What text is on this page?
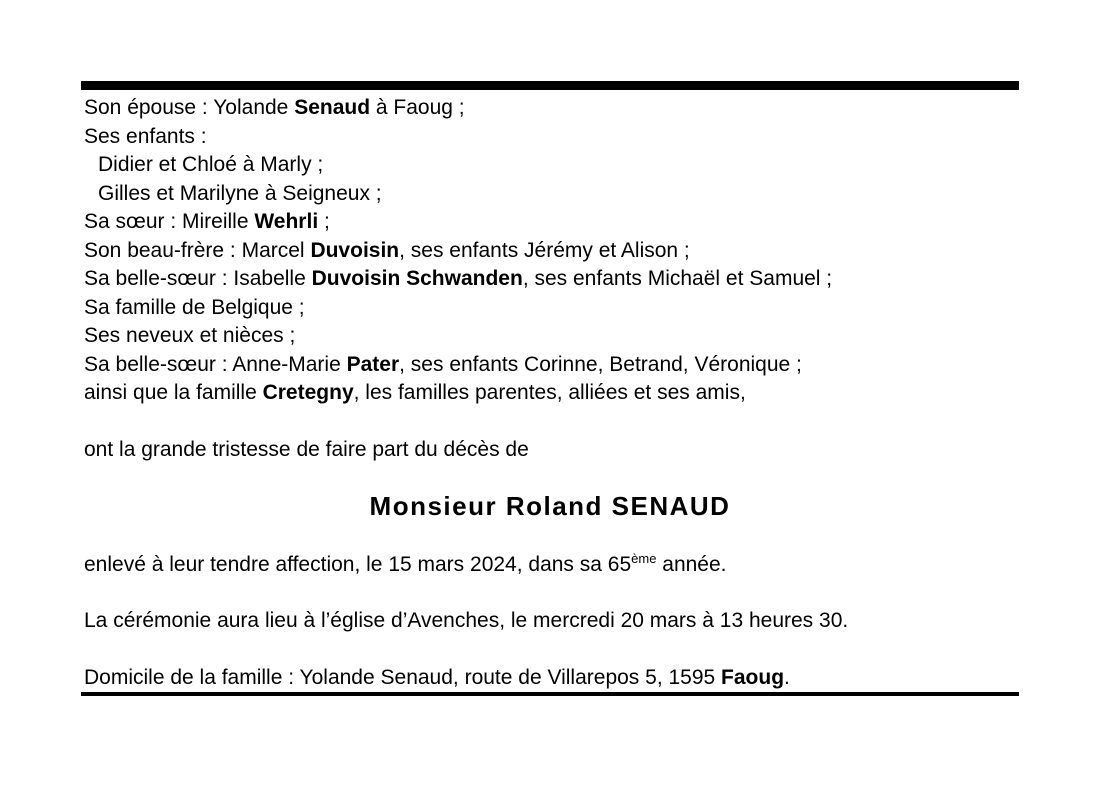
Son épouse : Yolande Senaud à Faoug ;
Ses enfants :
Didier et Chloé à Marly ;
Gilles et Marilyne à Seigneux ;
Sa sœur : Mireille Wehrli ;
Son beau-frère : Marcel Duvoisin, ses enfants Jérémy et Alison ;
Sa belle-sœur : Isabelle Duvoisin Schwanden, ses enfants Michaël et Samuel ;
Sa famille de Belgique ;
Ses neveux et nièces ;
Sa belle-sœur : Anne-Marie Pater, ses enfants Corinne, Betrand, Véronique ;
ainsi que la famille Cretegny, les familles parentes, alliées et ses amis,
ont la grande tristesse de faire part du décès de
Monsieur Roland SENAUD
enlevé à leur tendre affection, le 15 mars 2024, dans sa 65ème année.
La cérémonie aura lieu à l’église d’Avenches, le mercredi 20 mars à 13 heures 30.
Domicile de la famille : Yolande Senaud, route de Villarepos 5, 1595 Faoug.
